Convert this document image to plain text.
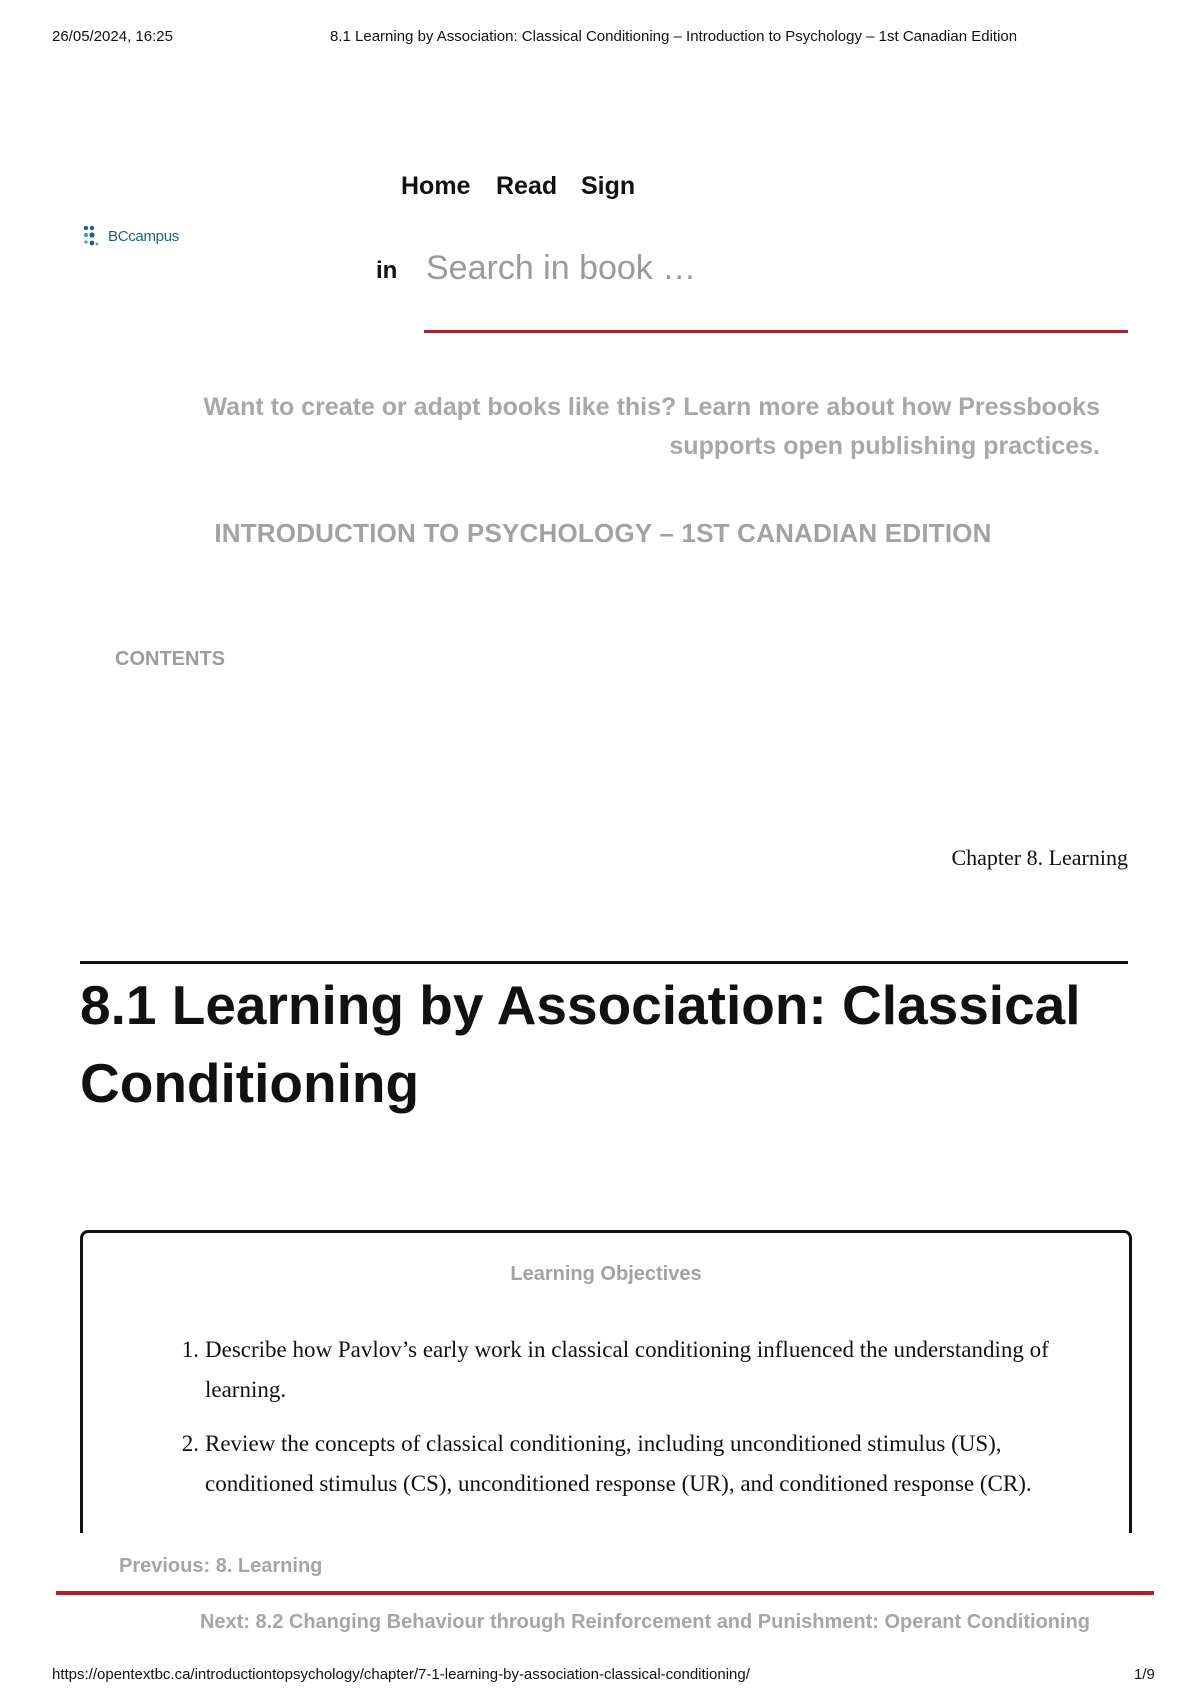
26/05/2024, 16:25	8.1 Learning by Association: Classical Conditioning – Introduction to Psychology – 1st Canadian Edition
BCcampus
Home Read Sign
in
Search in book …
Want to create or adapt books like this? Learn more about how Pressbooks supports open publishing practices.
INTRODUCTION TO PSYCHOLOGY – 1ST CANADIAN EDITION
CONTENTS
Chapter 8. Learning
8.1 Learning by Association: Classical Conditioning
Learning Objectives
1. Describe how Pavlov’s early work in classical conditioning influenced the understanding of learning.
2. Review the concepts of classical conditioning, including unconditioned stimulus (US), conditioned stimulus (CS), unconditioned response (UR), and conditioned response (CR).
Previous: 8. Learning
Next: 8.2 Changing Behaviour through Reinforcement and Punishment: Operant Conditioning
https://opentextbc.ca/introductiontopsychology/chapter/7-1-learning-by-association-classical-conditioning/	1/9
